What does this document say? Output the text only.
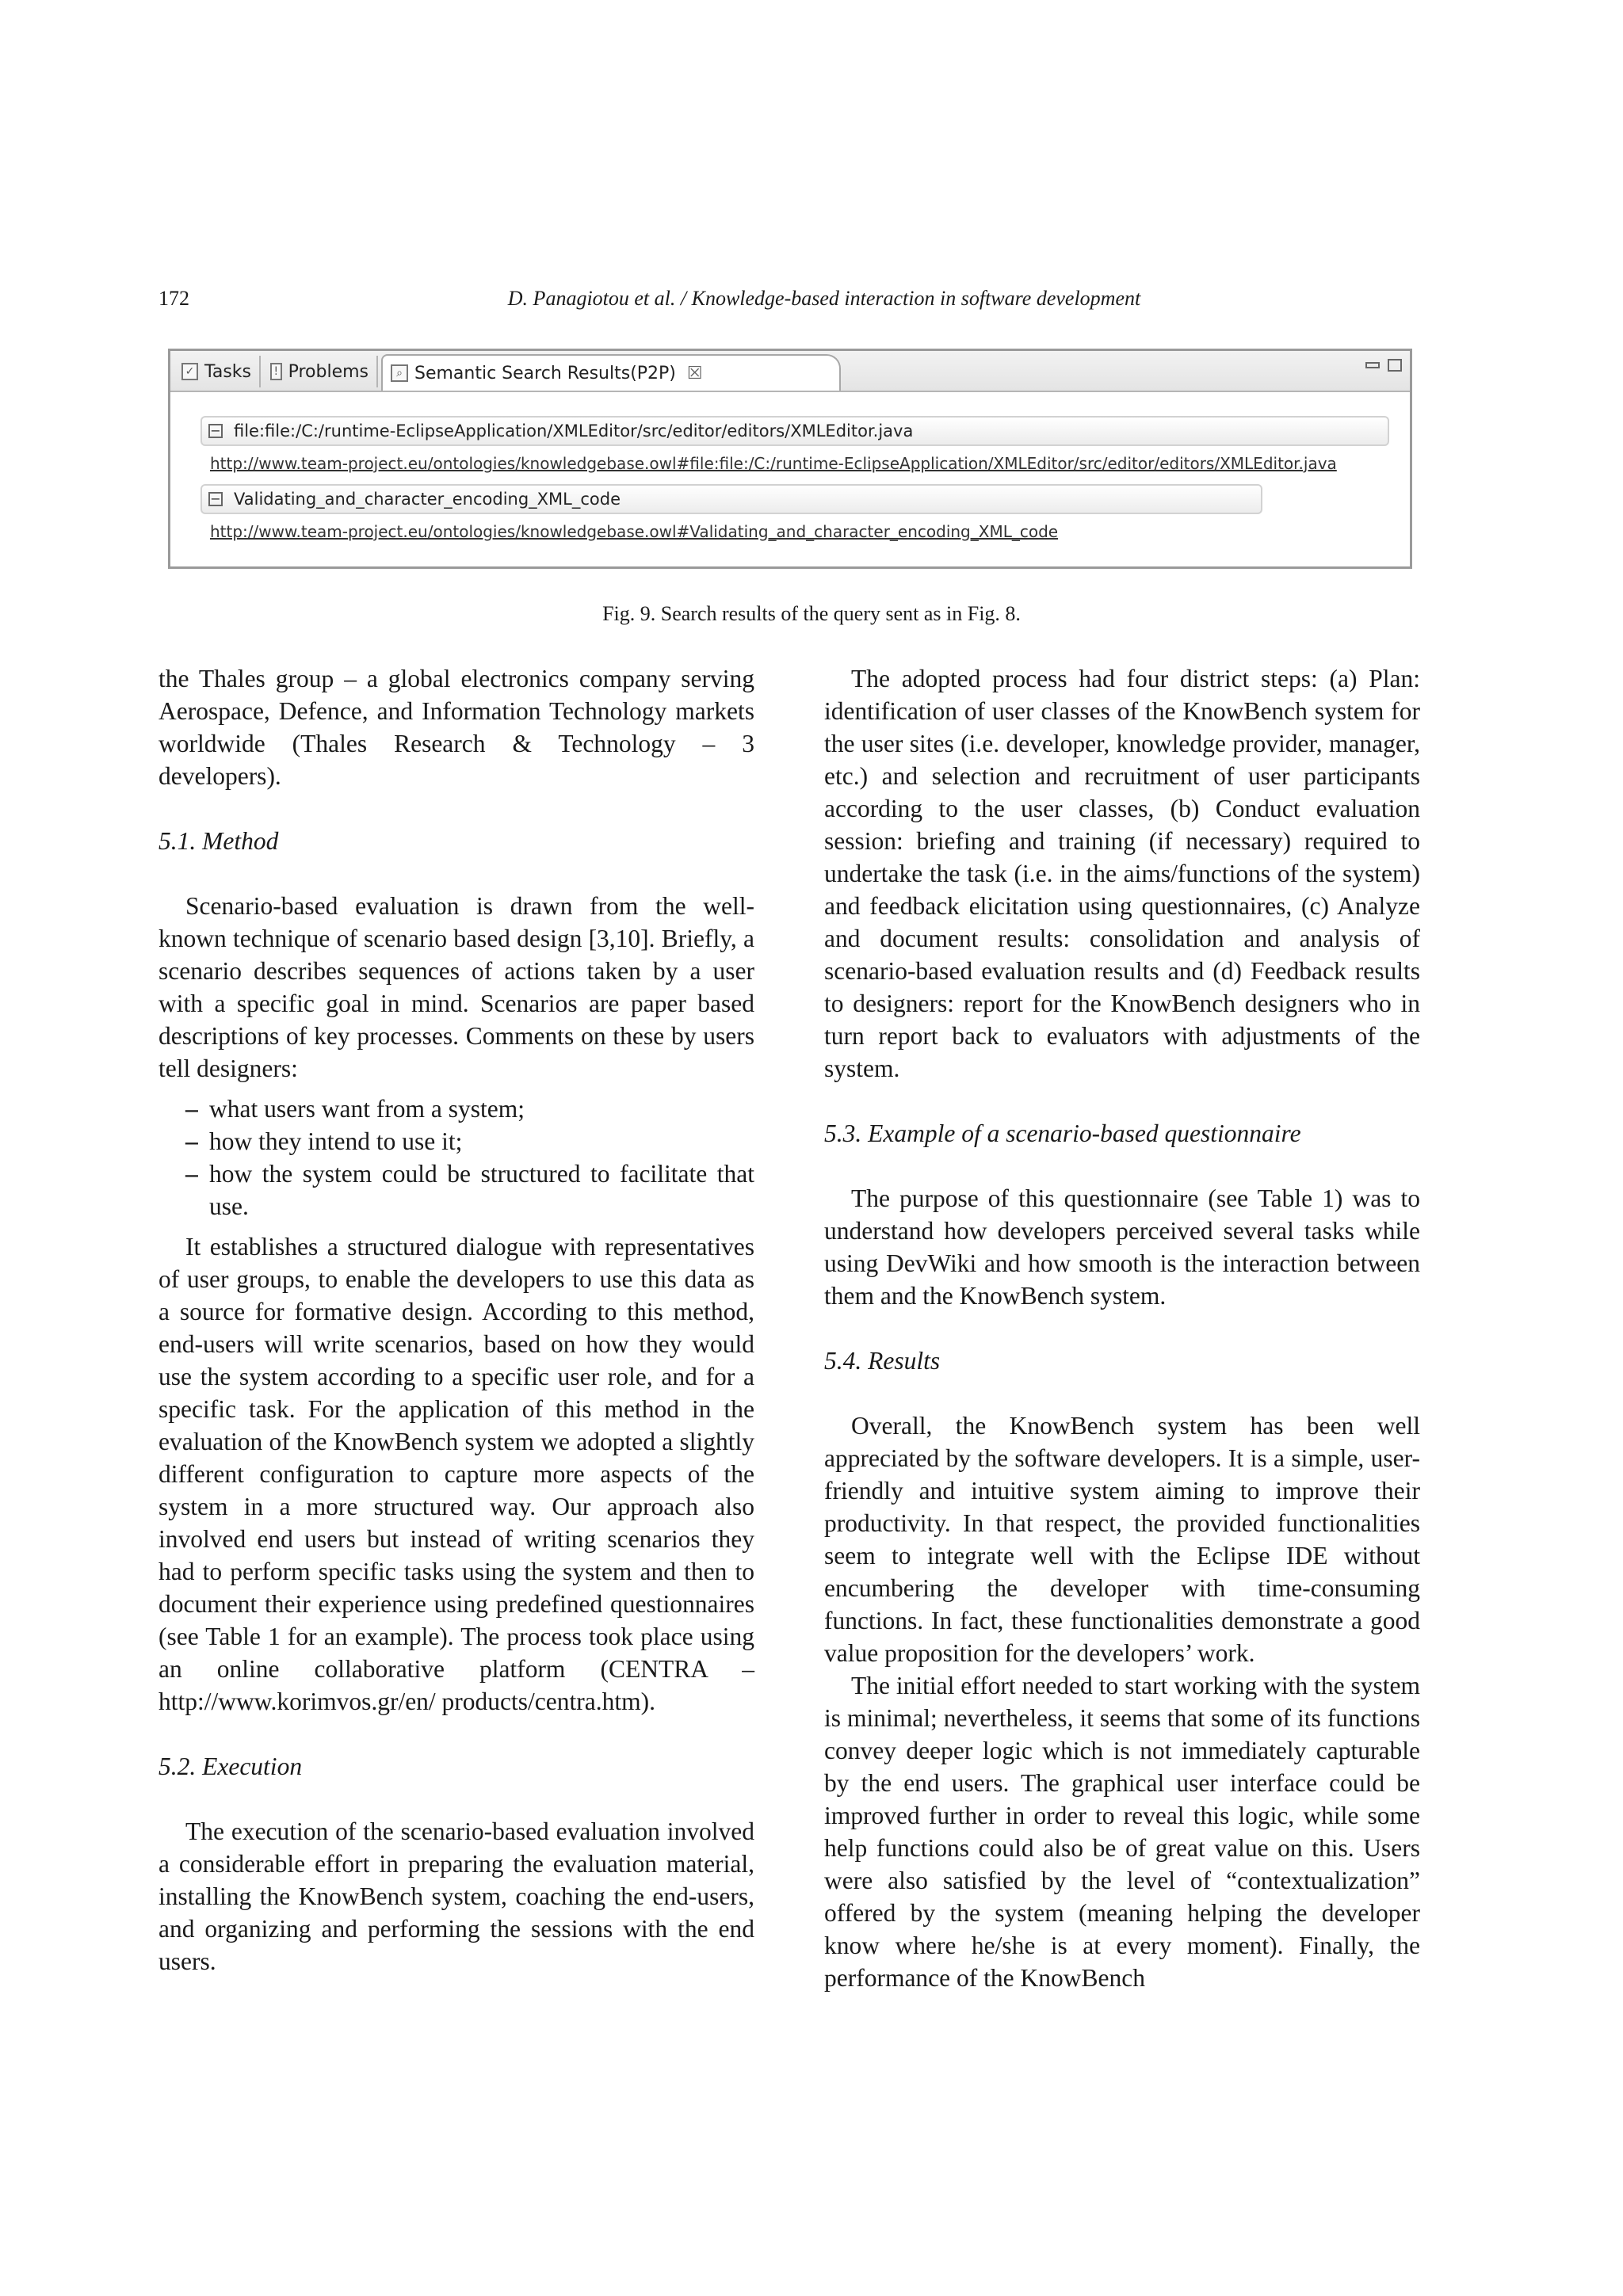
172	D. Panagiotou et al. / Knowledge-based interaction in software development
✓ Tasks	! Problems	⌕ Semantic Search Results(P2P) ☒
− file:file:/C:/runtime-EclipseApplication/XMLEditor/src/editor/editors/XMLEditor.java
http://www.team-project.eu/ontologies/knowledgebase.owl#file:file:/C:/runtime-EclipseApplication/XMLEditor/src/editor/editors/XMLEditor.java
− Validating_and_character_encoding_XML_code
http://www.team-project.eu/ontologies/knowledgebase.owl#Validating_and_character_encoding_XML_code
Fig. 9. Search results of the query sent as in Fig. 8.

the Thales group – a global electronics company serving Aerospace, Defence, and Information Technology markets worldwide (Thales Research & Technology – 3 developers).

5.1. Method

Scenario-based evaluation is drawn from the well-known technique of scenario based design [3,10]. Briefly, a scenario describes sequences of actions taken by a user with a specific goal in mind. Scenarios are paper based descriptions of key processes. Comments on these by users tell designers:

– what users want from a system;
– how they intend to use it;
– how the system could be structured to facilitate that use.

It establishes a structured dialogue with representatives of user groups, to enable the developers to use this data as a source for formative design. According to this method, end-users will write scenarios, based on how they would use the system according to a specific user role, and for a specific task. For the application of this method in the evaluation of the KnowBench system we adopted a slightly different configuration to capture more aspects of the system in a more structured way. Our approach also involved end users but instead of writing scenarios they had to perform specific tasks using the system and then to document their experience using predefined questionnaires (see Table 1 for an example). The process took place using an online collaborative platform (CENTRA – http://www.korimvos.gr/en/ products/centra.htm).

5.2. Execution

The execution of the scenario-based evaluation involved a considerable effort in preparing the evaluation material, installing the KnowBench system, coaching the end-users, and organizing and performing the sessions with the end users.

The adopted process had four district steps: (a) Plan: identification of user classes of the KnowBench system for the user sites (i.e. developer, knowledge provider, manager, etc.) and selection and recruitment of user participants according to the user classes, (b) Conduct evaluation session: briefing and training (if necessary) required to undertake the task (i.e. in the aims/functions of the system) and feedback elicitation using questionnaires, (c) Analyze and document results: consolidation and analysis of scenario-based evaluation results and (d) Feedback results to designers: report for the KnowBench designers who in turn report back to evaluators with adjustments of the system.

5.3. Example of a scenario-based questionnaire

The purpose of this questionnaire (see Table 1) was to understand how developers perceived several tasks while using DevWiki and how smooth is the interaction between them and the KnowBench system.

5.4. Results

Overall, the KnowBench system has been well appreciated by the software developers. It is a simple, user-friendly and intuitive system aiming to improve their productivity. In that respect, the provided functionalities seem to integrate well with the Eclipse IDE without encumbering the developer with time-consuming functions. In fact, these functionalities demonstrate a good value proposition for the developers’ work.

The initial effort needed to start working with the system is minimal; nevertheless, it seems that some of its functions convey deeper logic which is not immediately capturable by the end users. The graphical user interface could be improved further in order to reveal this logic, while some help functions could also be of great value on this. Users were also satisfied by the level of “contextualization” offered by the system (meaning helping the developer know where he/she is at every moment). Finally, the performance of the KnowBench
